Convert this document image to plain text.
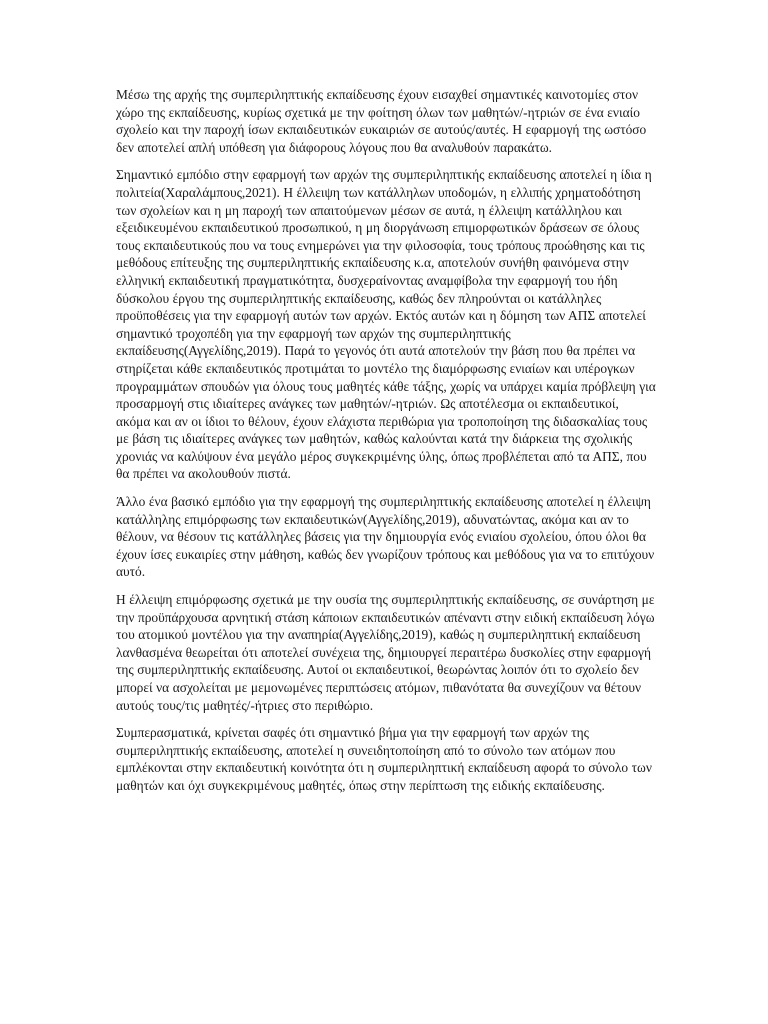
Μέσω της αρχής της συμπεριληπτικής εκπαίδευσης έχουν εισαχθεί σημαντικές καινοτομίες στον χώρο της εκπαίδευσης, κυρίως σχετικά με την φοίτηση όλων των μαθητών/-ητριών σε ένα ενιαίο σχολείο και την παροχή ίσων εκπαιδευτικών ευκαιριών σε αυτούς/αυτές. Η εφαρμογή της ωστόσο δεν αποτελεί απλή υπόθεση για διάφορους λόγους που θα αναλυθούν παρακάτω.

Σημαντικό εμπόδιο στην εφαρμογή των αρχών της συμπεριληπτικής εκπαίδευσης αποτελεί η ίδια η πολιτεία(Χαραλάμπους,2021). Η έλλειψη των κατάλληλων υποδομών, η ελλιπής χρηματοδότηση των σχολείων και η μη παροχή των απαιτούμενων μέσων σε αυτά, η έλλειψη κατάλληλου και εξειδικευμένου εκπαιδευτικού προσωπικού, η μη διοργάνωση επιμορφωτικών δράσεων σε όλους τους εκπαιδευτικούς που να τους ενημερώνει για την φιλοσοφία, τους τρόπους προώθησης και τις μεθόδους επίτευξης της συμπεριληπτικής εκπαίδευσης κ.α, αποτελούν συνήθη φαινόμενα στην ελληνική εκπαιδευτική πραγματικότητα, δυσχεραίνοντας αναμφίβολα την εφαρμογή του ήδη δύσκολου έργου της συμπεριληπτικής εκπαίδευσης, καθώς δεν πληρούνται οι κατάλληλες προϋποθέσεις για την εφαρμογή αυτών των αρχών. Εκτός αυτών και η δόμηση των ΑΠΣ αποτελεί σημαντικό τροχοπέδη για την εφαρμογή των αρχών της συμπεριληπτικής εκπαίδευσης(Αγγελίδης,2019). Παρά το γεγονός ότι αυτά αποτελούν την βάση που θα πρέπει να στηρίζεται κάθε εκπαιδευτικός προτιμάται το μοντέλο της διαμόρφωσης ενιαίων και υπέρογκων προγραμμάτων σπουδών για όλους τους μαθητές κάθε τάξης, χωρίς να υπάρχει καμία πρόβλεψη για προσαρμογή στις ιδιαίτερες ανάγκες των μαθητών/-ητριών. Ως αποτέλεσμα οι εκπαιδευτικοί, ακόμα και αν οι ίδιοι το θέλουν, έχουν ελάχιστα περιθώρια για τροποποίηση της διδασκαλίας τους με βάση τις ιδιαίτερες ανάγκες των μαθητών, καθώς καλούνται κατά την διάρκεια της σχολικής χρονιάς να καλύψουν ένα μεγάλο μέρος συγκεκριμένης ύλης, όπως προβλέπεται από τα ΑΠΣ, που θα πρέπει να ακολουθούν πιστά.

Άλλο ένα βασικό εμπόδιο για την εφαρμογή της συμπεριληπτικής εκπαίδευσης αποτελεί η έλλειψη κατάλληλης επιμόρφωσης των εκπαιδευτικών(Αγγελίδης,2019), αδυνατώντας, ακόμα και αν το θέλουν, να θέσουν τις κατάλληλες βάσεις για την δημιουργία ενός ενιαίου σχολείου, όπου όλοι θα έχουν ίσες ευκαιρίες στην μάθηση, καθώς δεν γνωρίζουν τρόπους και μεθόδους για να το επιτύχουν αυτό.

Η έλλειψη επιμόρφωσης σχετικά με την ουσία της συμπεριληπτικής εκπαίδευσης, σε συνάρτηση με την προϋπάρχουσα αρνητική στάση κάποιων εκπαιδευτικών απέναντι στην ειδική εκπαίδευση λόγω του ατομικού μοντέλου για την αναπηρία(Αγγελίδης,2019), καθώς η συμπεριληπτική εκπαίδευση λανθασμένα θεωρείται ότι αποτελεί συνέχεια της, δημιουργεί περαιτέρω δυσκολίες στην εφαρμογή της συμπεριληπτικής εκπαίδευσης. Αυτοί οι εκπαιδευτικοί, θεωρώντας λοιπόν ότι το σχολείο δεν μπορεί να ασχολείται με μεμονωμένες περιπτώσεις ατόμων, πιθανότατα θα συνεχίζουν να θέτουν αυτούς τους/τις μαθητές/-ήτριες στο περιθώριο.

Συμπερασματικά, κρίνεται σαφές ότι σημαντικό βήμα για την εφαρμογή των αρχών της συμπεριληπτικής εκπαίδευσης, αποτελεί η συνειδητοποίηση από το σύνολο των ατόμων που εμπλέκονται στην εκπαιδευτική κοινότητα ότι η συμπεριληπτική εκπαίδευση αφορά το σύνολο των μαθητών και όχι συγκεκριμένους μαθητές, όπως στην περίπτωση της ειδικής εκπαίδευσης.
